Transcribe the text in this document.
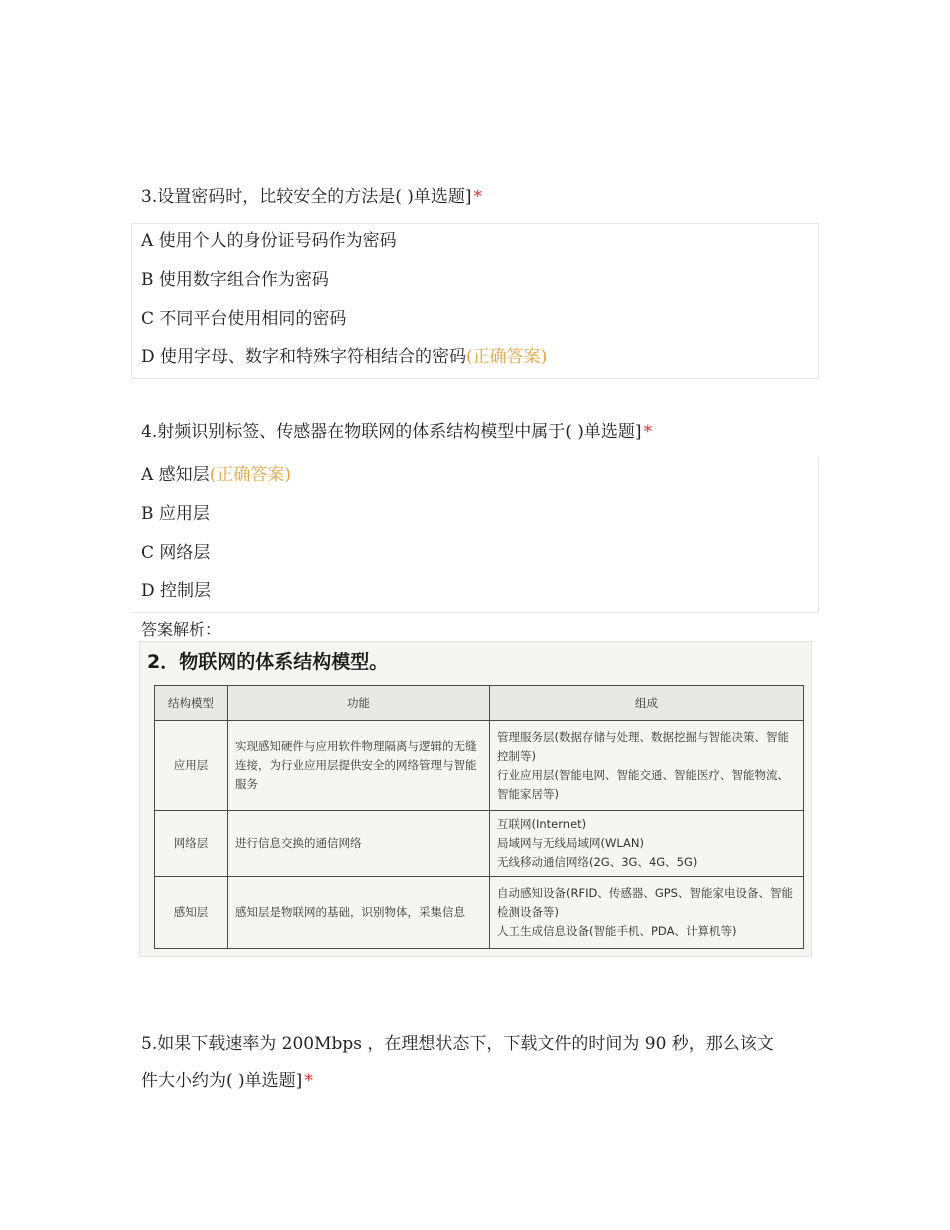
3.设置密码时，比较安全的方法是( )单选题] *
A 使用个人的身份证号码作为密码
B 使用数字组合作为密码
C 不同平台使用相同的密码
D 使用字母、数字和特殊字符相结合的密码(正确答案)
4.射频识别标签、传感器在物联网的体系结构模型中属于( )单选题] *
A 感知层(正确答案)
B 应用层
C 网络层
D 控制层
答案解析：
2．物联网的体系结构模型。
结构模型	功能	组成
应用层	实现感知硬件与应用软件物理隔离与逻辑的无缝连接，为行业应用层提供安全的网络管理与智能服务	管理服务层(数据存储与处理、数据挖掘与智能决策、智能控制等)
行业应用层(智能电网、智能交通、智能医疗、智能物流、智能家居等)

网络层	进行信息交换的通信网络	互联网(Internet)
局域网与无线局域网(WLAN)
无线移动通信网络(2G、3G、4G、5G)

感知层	感知层是物联网的基础，识别物体，采集信息	自动感知设备(RFID、传感器、GPS、智能家电设备、智能检测设备等)
人工生成信息设备(智能手机、PDA、计算机等)
5.如果下载速率为 200Mbps ，在理想状态下，下载文件的时间为 90 秒，那么该文
件大小约为( )单选题] *
